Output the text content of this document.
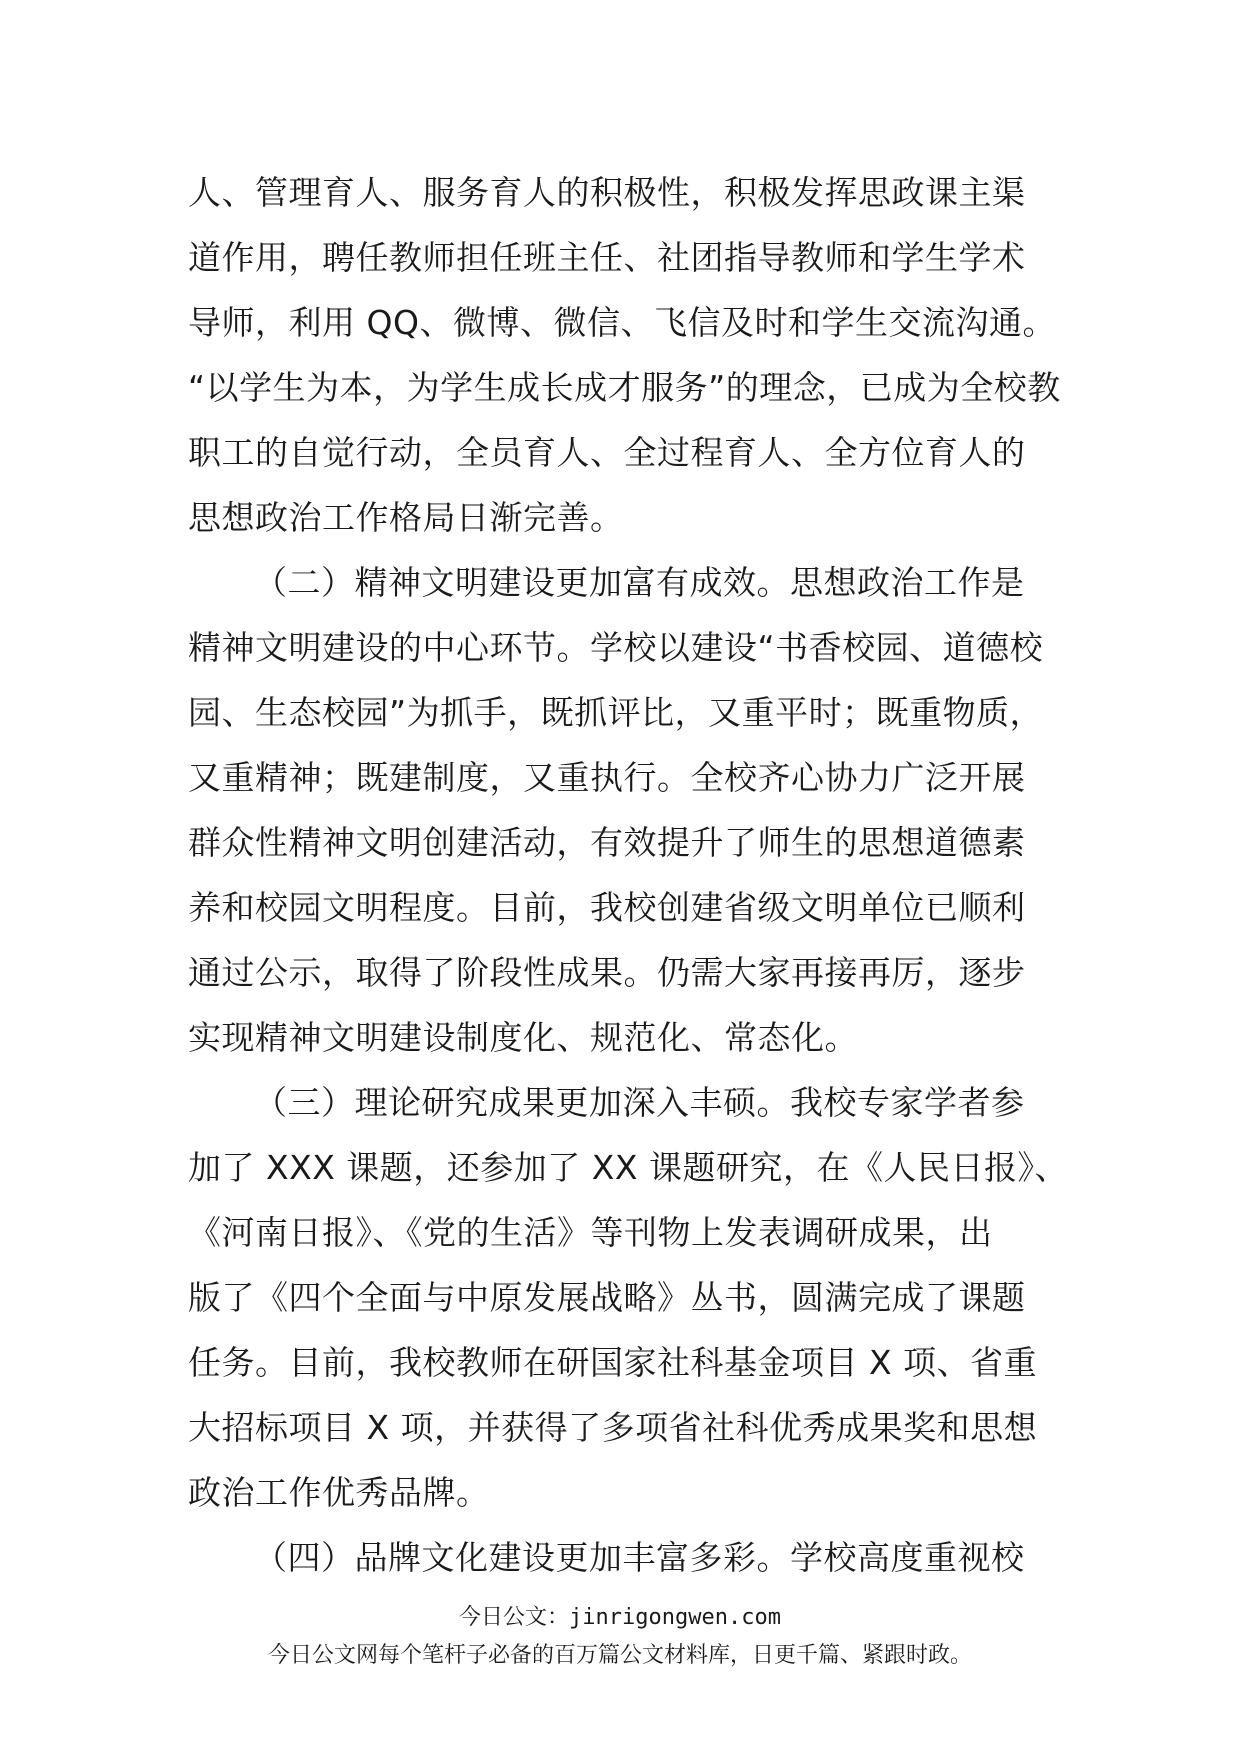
人、管理育人、服务育人的积极性，积极发挥思政课主渠
道作用，聘任教师担任班主任、社团指导教师和学生学术
导师，利用 QQ、微博、微信、飞信及时和学生交流沟通。
“以学生为本，为学生成长成才服务”的理念，已成为全校教
职工的自觉行动，全员育人、全过程育人、全方位育人的
思想政治工作格局日渐完善。
（二）精神文明建设更加富有成效。思想政治工作是
精神文明建设的中心环节。学校以建设“书香校园、道德校
园、生态校园”为抓手，既抓评比，又重平时；既重物质，
又重精神；既建制度，又重执行。全校齐心协力广泛开展
群众性精神文明创建活动，有效提升了师生的思想道德素
养和校园文明程度。目前，我校创建省级文明单位已顺利
通过公示，取得了阶段性成果。仍需大家再接再厉，逐步
实现精神文明建设制度化、规范化、常态化。
（三）理论研究成果更加深入丰硕。我校专家学者参
加了 XXX 课题，还参加了 XX 课题研究，在《人民日报》、
《河南日报》、《党的生活》等刊物上发表调研成果，出
版了《四个全面与中原发展战略》丛书，圆满完成了课题
任务。目前，我校教师在研国家社科基金项目 X 项、省重
大招标项目 X 项，并获得了多项省社科优秀成果奖和思想
政治工作优秀品牌。
（四）品牌文化建设更加丰富多彩。学校高度重视校
今日公文：jinrigongwen.com
今日公文网每个笔杆子必备的百万篇公文材料库，日更千篇、紧跟时政。
